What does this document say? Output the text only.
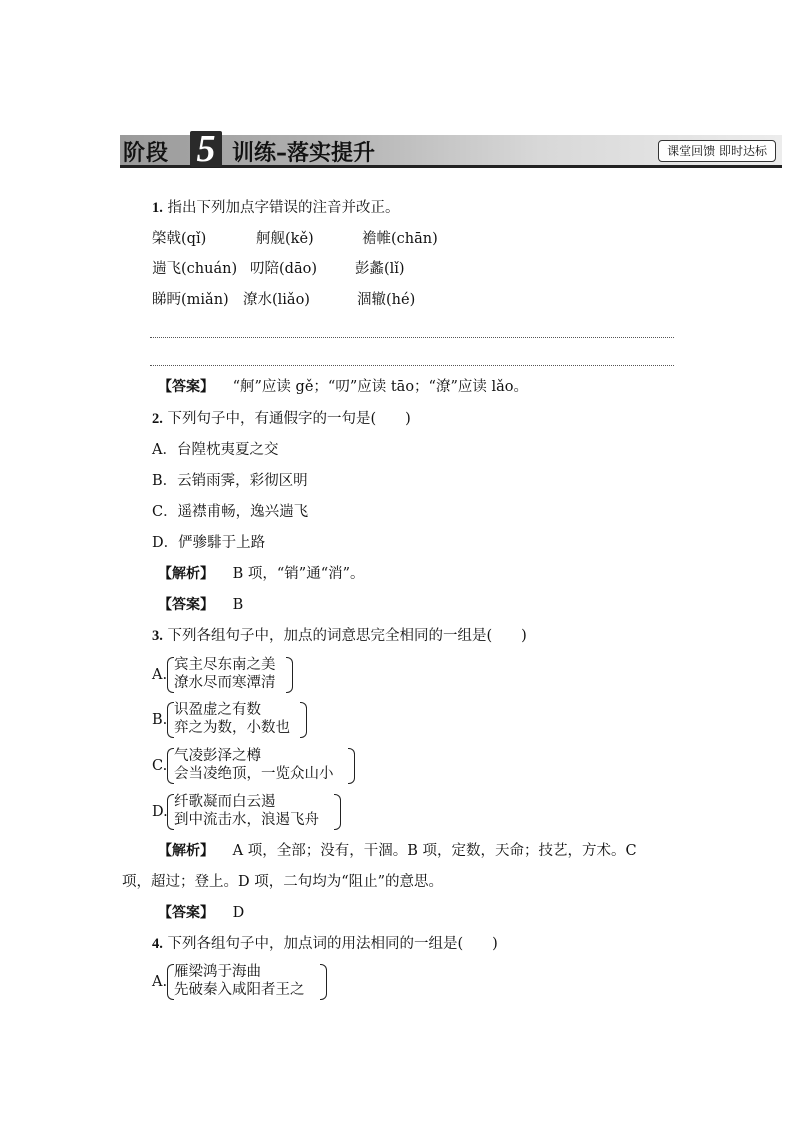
阶段 5 训练–落实提升	课堂回馈 即时达标
1. 指出下列加点字错误的注音并改正。
棨戟(qǐ)	舸舰(kě)	襜帷(chān)
遄飞(chuán) 叨陪(dāo)	彭蠡(lǐ)
睇眄(miǎn) 潦水(liǎo)	涸辙(hé)
【答案】 “舸”应读 gě；“叨”应读 tāo；“潦”应读 lǎo。
2. 下列句子中，有通假字的一句是(　　)
A．台隍枕夷夏之交
B．云销雨霁，彩彻区明
C．遥襟甫畅，逸兴遄飞
D．俨骖騑于上路
【解析】 B 项，“销”通“消”。
【答案】 B
3. 下列各组句子中，加点的词意思完全相同的一组是(　　)
A.
宾主尽东南之美
潦水尽而寒潭清
B.
识盈虚之有数
弈之为数，小数也
C.
气凌彭泽之樽
会当凌绝顶，一览众山小
D.
纤歌凝而白云遏
到中流击水，浪遏飞舟
【解析】 A 项，全部；没有，干涸。B 项，定数，天命；技艺，方术。C
项，超过；登上。D 项，二句均为“阻止”的意思。
【答案】 D
4. 下列各组句子中，加点词的用法相同的一组是(　　)
A.
雁梁鸿于海曲
先破秦入咸阳者王之
